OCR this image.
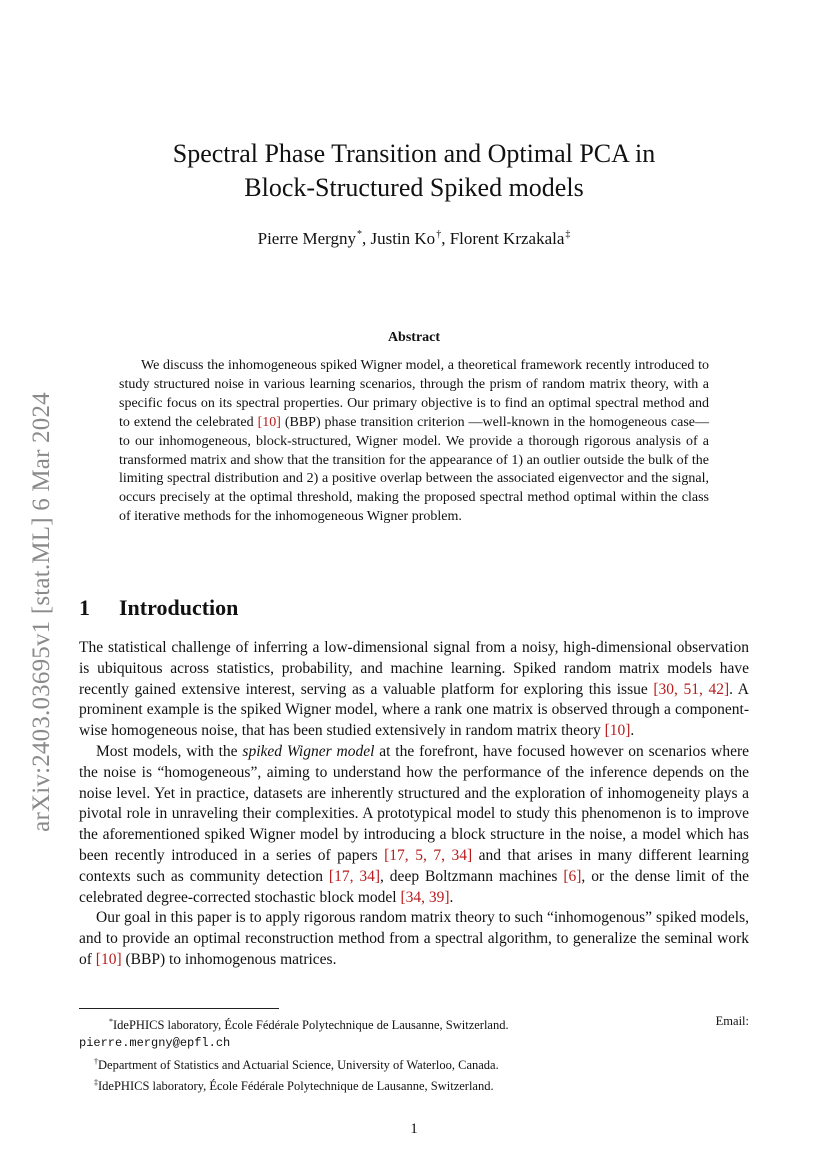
arXiv:2403.03695v1 [stat.ML] 6 Mar 2024
Spectral Phase Transition and Optimal PCA in
Block-Structured Spiked models
Pierre Mergny*, Justin Ko†, Florent Krzakala‡
Abstract

We discuss the inhomogeneous spiked Wigner model, a theoretical framework recently introduced to study structured noise in various learning scenarios, through the prism of random matrix theory, with a specific focus on its spectral properties. Our primary objective is to find an optimal spectral method and to extend the celebrated [10] (BBP) phase transition criterion —well-known in the homogeneous case— to our inhomogeneous, block-structured, Wigner model. We provide a thorough rigorous analysis of a transformed matrix and show that the transition for the appearance of 1) an outlier outside the bulk of the limiting spectral distribution and 2) a positive overlap between the associated eigenvector and the signal, occurs precisely at the optimal threshold, making the proposed spectral method optimal within the class of iterative methods for the inhomogeneous Wigner problem.

1 Introduction

The statistical challenge of inferring a low-dimensional signal from a noisy, high-dimensional observation is ubiquitous across statistics, probability, and machine learning. Spiked random matrix models have recently gained extensive interest, serving as a valuable platform for exploring this issue [30, 51, 42]. A prominent example is the spiked Wigner model, where a rank one matrix is observed through a component-wise homogeneous noise, that has been studied extensively in random matrix theory [10].

Most models, with the spiked Wigner model at the forefront, have focused however on scenarios where the noise is “homogeneous”, aiming to understand how the performance of the inference depends on the noise level. Yet in practice, datasets are inherently structured and the exploration of inhomogeneity plays a pivotal role in unraveling their complexities. A prototypical model to study this phenomenon is to improve the aforementioned spiked Wigner model by introducing a block structure in the noise, a model which has been recently introduced in a series of papers [17, 5, 7, 34] and that arises in many different learning contexts such as community detection [17, 34], deep Boltzmann machines [6], or the dense limit of the celebrated degree-corrected stochastic block model [34, 39].

Our goal in this paper is to apply rigorous random matrix theory to such “inhomogenous” spiked models, and to provide an optimal reconstruction method from a spectral algorithm, to generalize the seminal work of [10] (BBP) to inhomogenous matrices.

*IdePHICS laboratory, École Fédérale Polytechnique de Lausanne, Switzerland.	Email:
pierre.mergny@epfl.ch
†Department of Statistics and Actuarial Science, University of Waterloo, Canada.
‡IdePHICS laboratory, École Fédérale Polytechnique de Lausanne, Switzerland.
1
